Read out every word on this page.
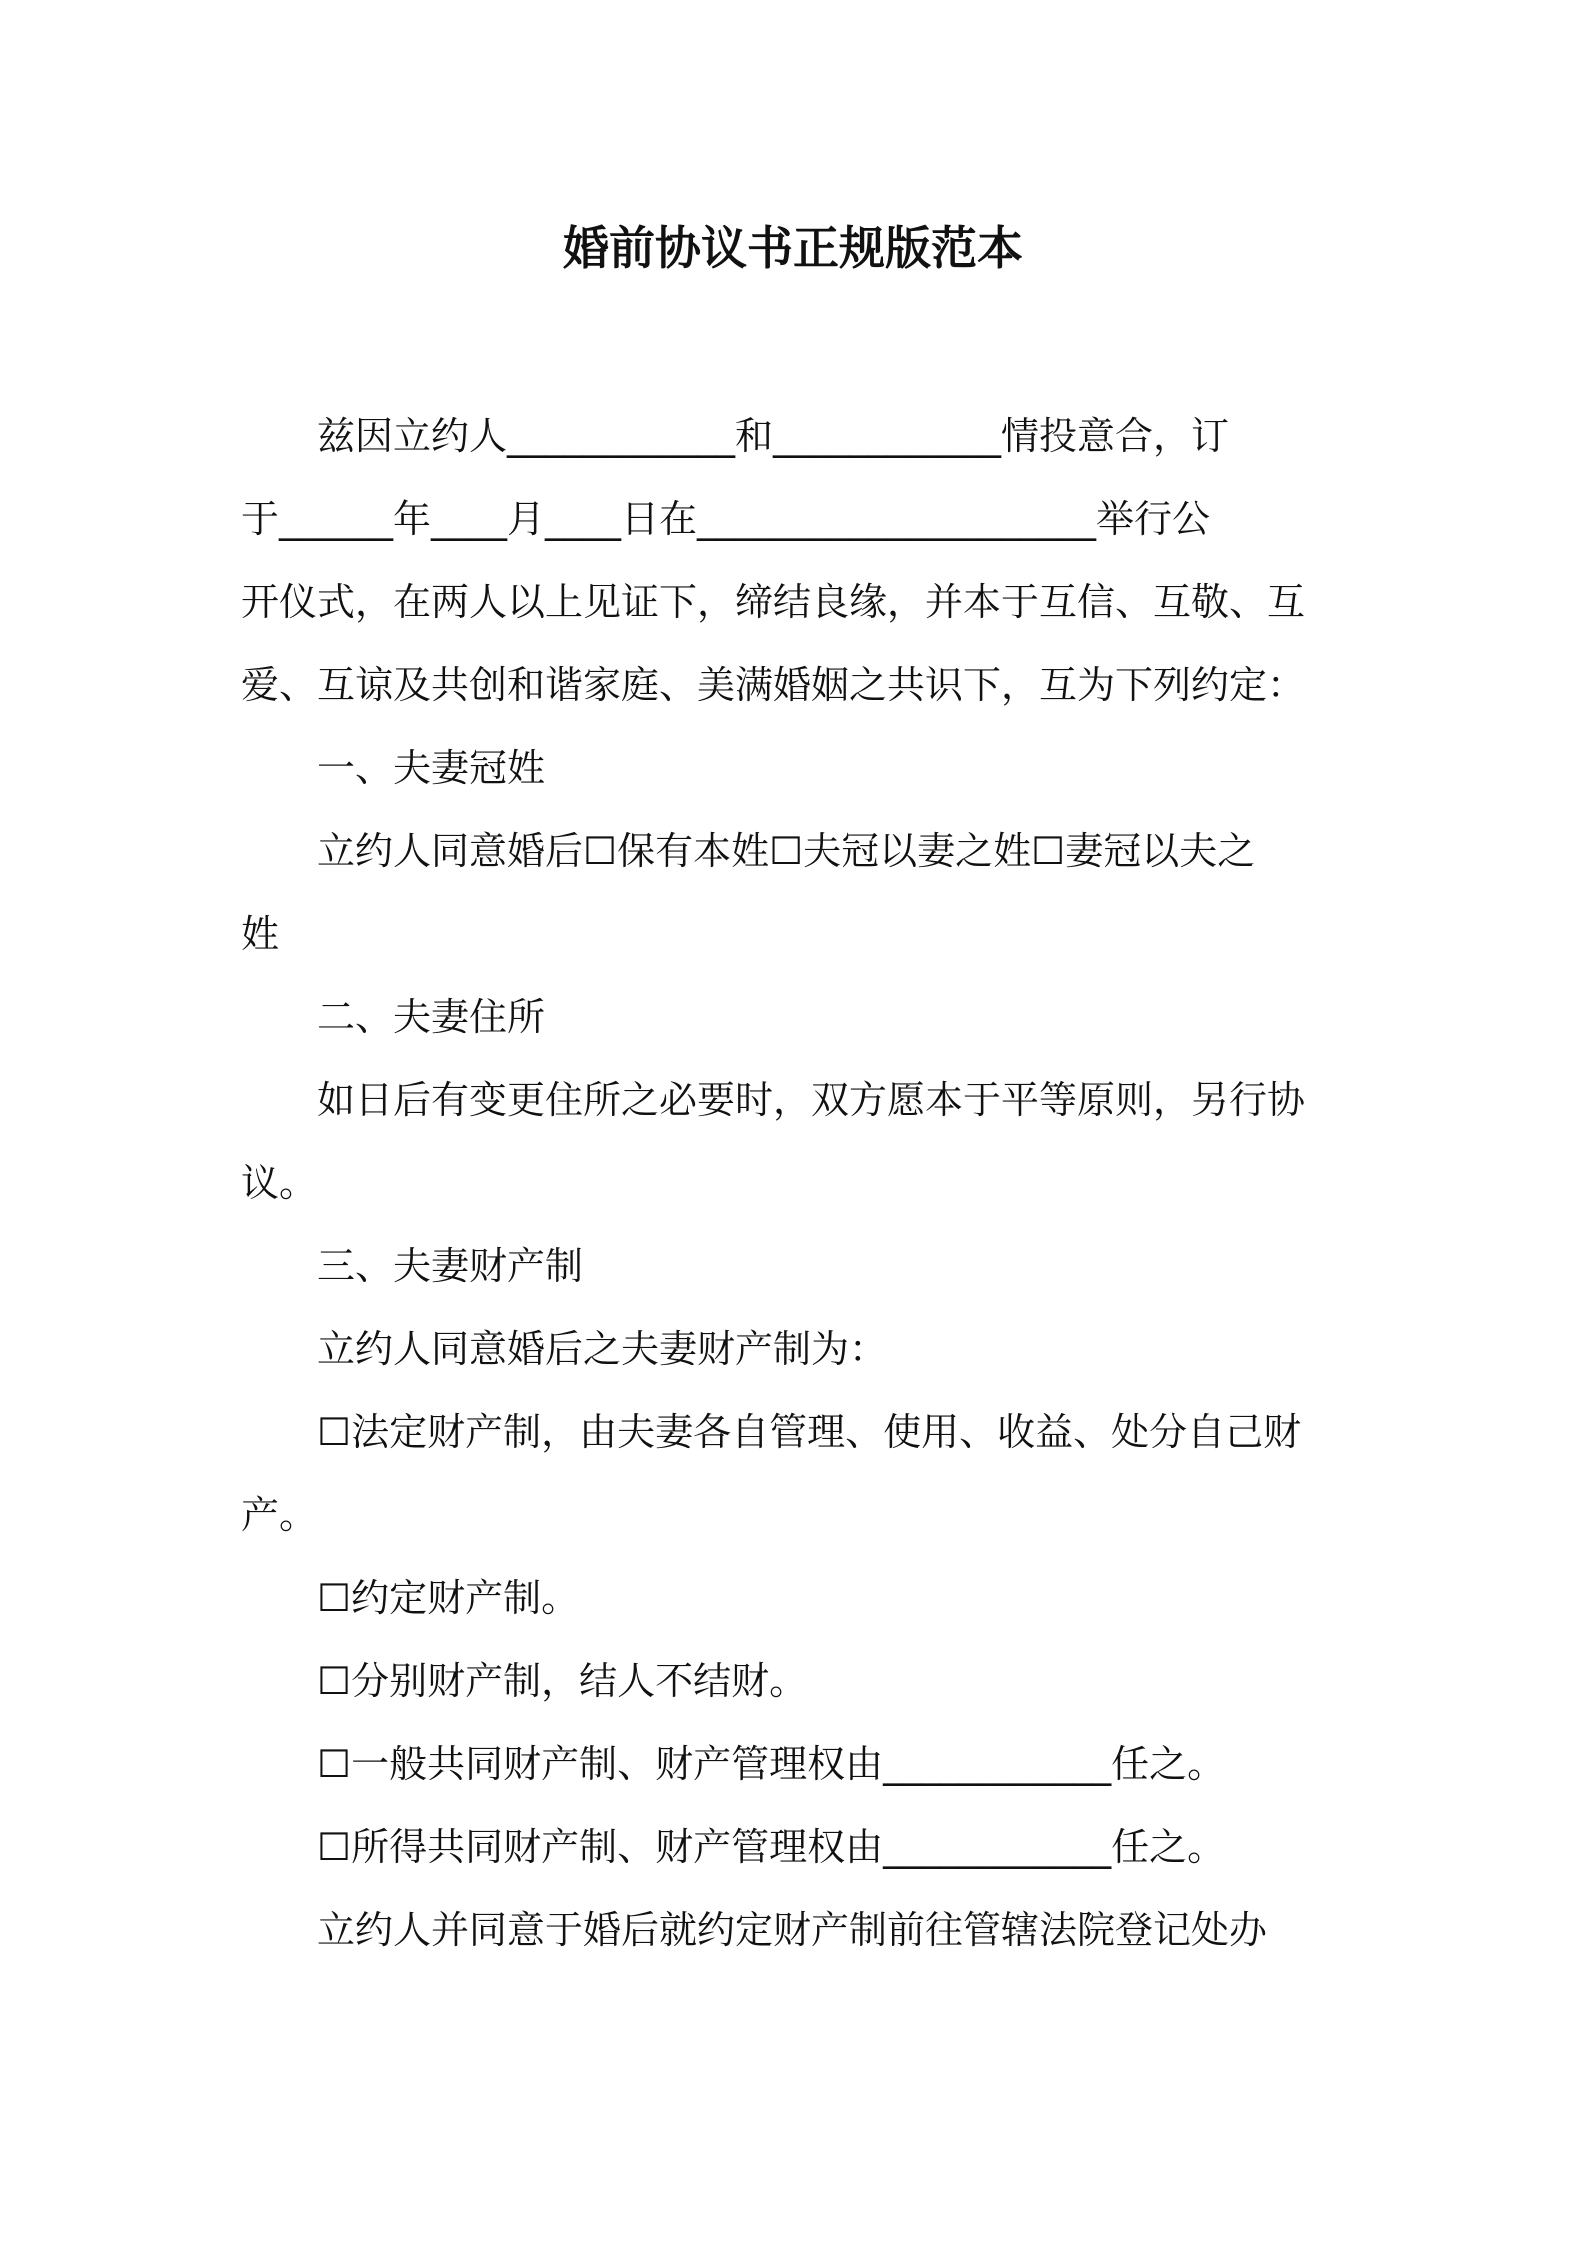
婚前协议书正规版范本
兹因立约人____________和____________情投意合，订
于______年____月____日在_____________________举行公
开仪式，在两人以上见证下，缔结良缘，并本于互信、互敬、互
爱、互谅及共创和谐家庭、美满婚姻之共识下，互为下列约定：
一、夫妻冠姓
立约人同意婚后☐保有本姓☐夫冠以妻之姓☐妻冠以夫之
姓
二、夫妻住所
如日后有变更住所之必要时，双方愿本于平等原则，另行协
议。
三、夫妻财产制
立约人同意婚后之夫妻财产制为：
☐法定财产制，由夫妻各自管理、使用、收益、处分自己财
产。
☐约定财产制。
☐分别财产制，结人不结财。
☐一般共同财产制、财产管理权由____________任之。
☐所得共同财产制、财产管理权由____________任之。
立约人并同意于婚后就约定财产制前往管辖法院登记处办
